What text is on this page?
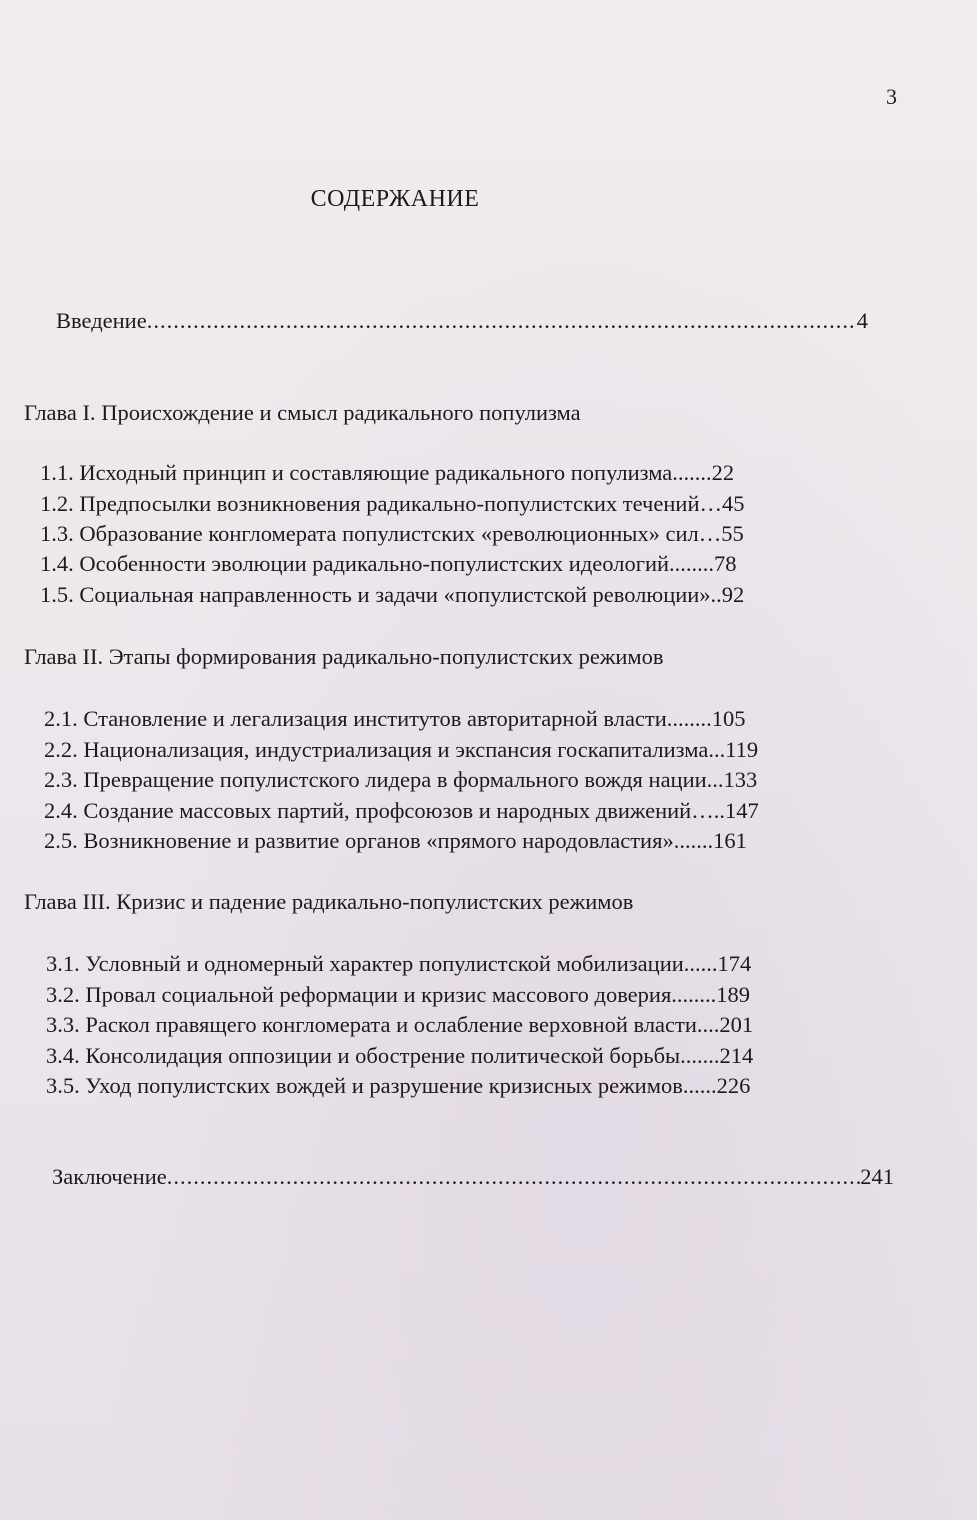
3
СОДЕРЖАНИЕ
Введение .....	4
Глава I. Происхождение и смысл радикального популизма
1.1. Исходный принцип и составляющие радикального популизма.......22
1.2. Предпосылки возникновения радикально-популистских течений…45
1.3. Образование конгломерата популистских «революционных» сил…55
1.4. Особенности эволюции радикально-популистских идеологий........78
1.5. Социальная направленность и задачи «популистской революции»..92
Глава II. Этапы формирования радикально-популистских режимов
2.1. Становление и легализация институтов авторитарной власти........105
2.2. Национализация, индустриализация и экспансия госкапитализма...119
2.3. Превращение популистского лидера в формального вождя нации...133
2.4. Создание массовых партий, профсоюзов и народных движений…..147
2.5. Возникновение и развитие органов «прямого народовластия».......161
Глава III. Кризис и падение радикально-популистских режимов
3.1. Условный и одномерный характер популистской мобилизации......174
3.2. Провал социальной реформации и кризис массового доверия........189
3.3. Раскол правящего конгломерата и ослабление верховной власти....201
3.4. Консолидация оппозиции и обострение политической борьбы.......214
3.5. Уход популистских вождей и разрушение кризисных режимов......226
Заключение .....	241
